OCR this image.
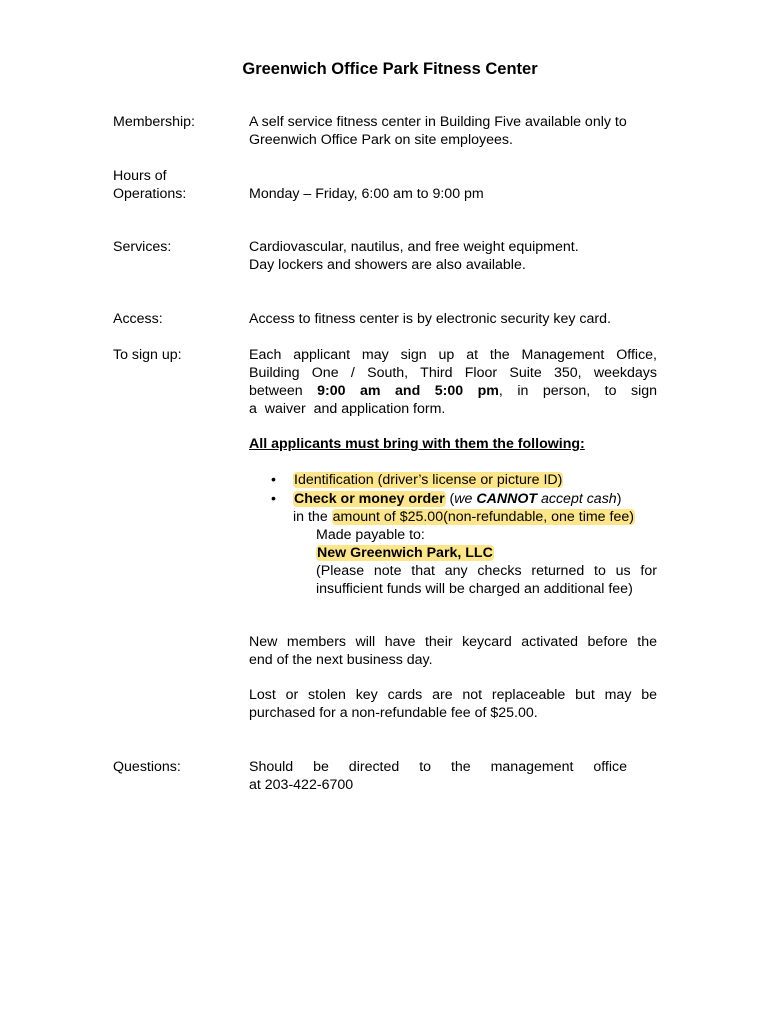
Greenwich Office Park Fitness Center
Membership:	A self service fitness center in Building Five available only to
Greenwich Office Park on site employees.
Hours of
Operations:	Monday – Friday, 6:00 am to 9:00 pm
Services:	Cardiovascular, nautilus, and free weight equipment.
Day lockers and showers are also available.
Access:	Access to fitness center is by electronic security key card.
To sign up:	Each applicant may sign up at the Management Office,
Building One / South, Third Floor Suite 350, weekdays
between 9:00 am and 5:00 pm, in person, to sign
a  waiver  and application form.
All applicants must bring with them the following:
• Identification (driver’s license or picture ID)
• Check or money order (we CANNOT accept cash)
in the amount of $25.00(non-refundable, one time fee)
Made payable to:
New Greenwich Park, LLC
(Please note that any checks returned to us for
insufficient funds will be charged an additional fee)
New members will have their keycard activated before the
end of the next business day.
Lost or stolen key cards are not replaceable but may be
purchased for a non-refundable fee of $25.00.
Questions:	Should be directed to the management office
at 203-422-6700
